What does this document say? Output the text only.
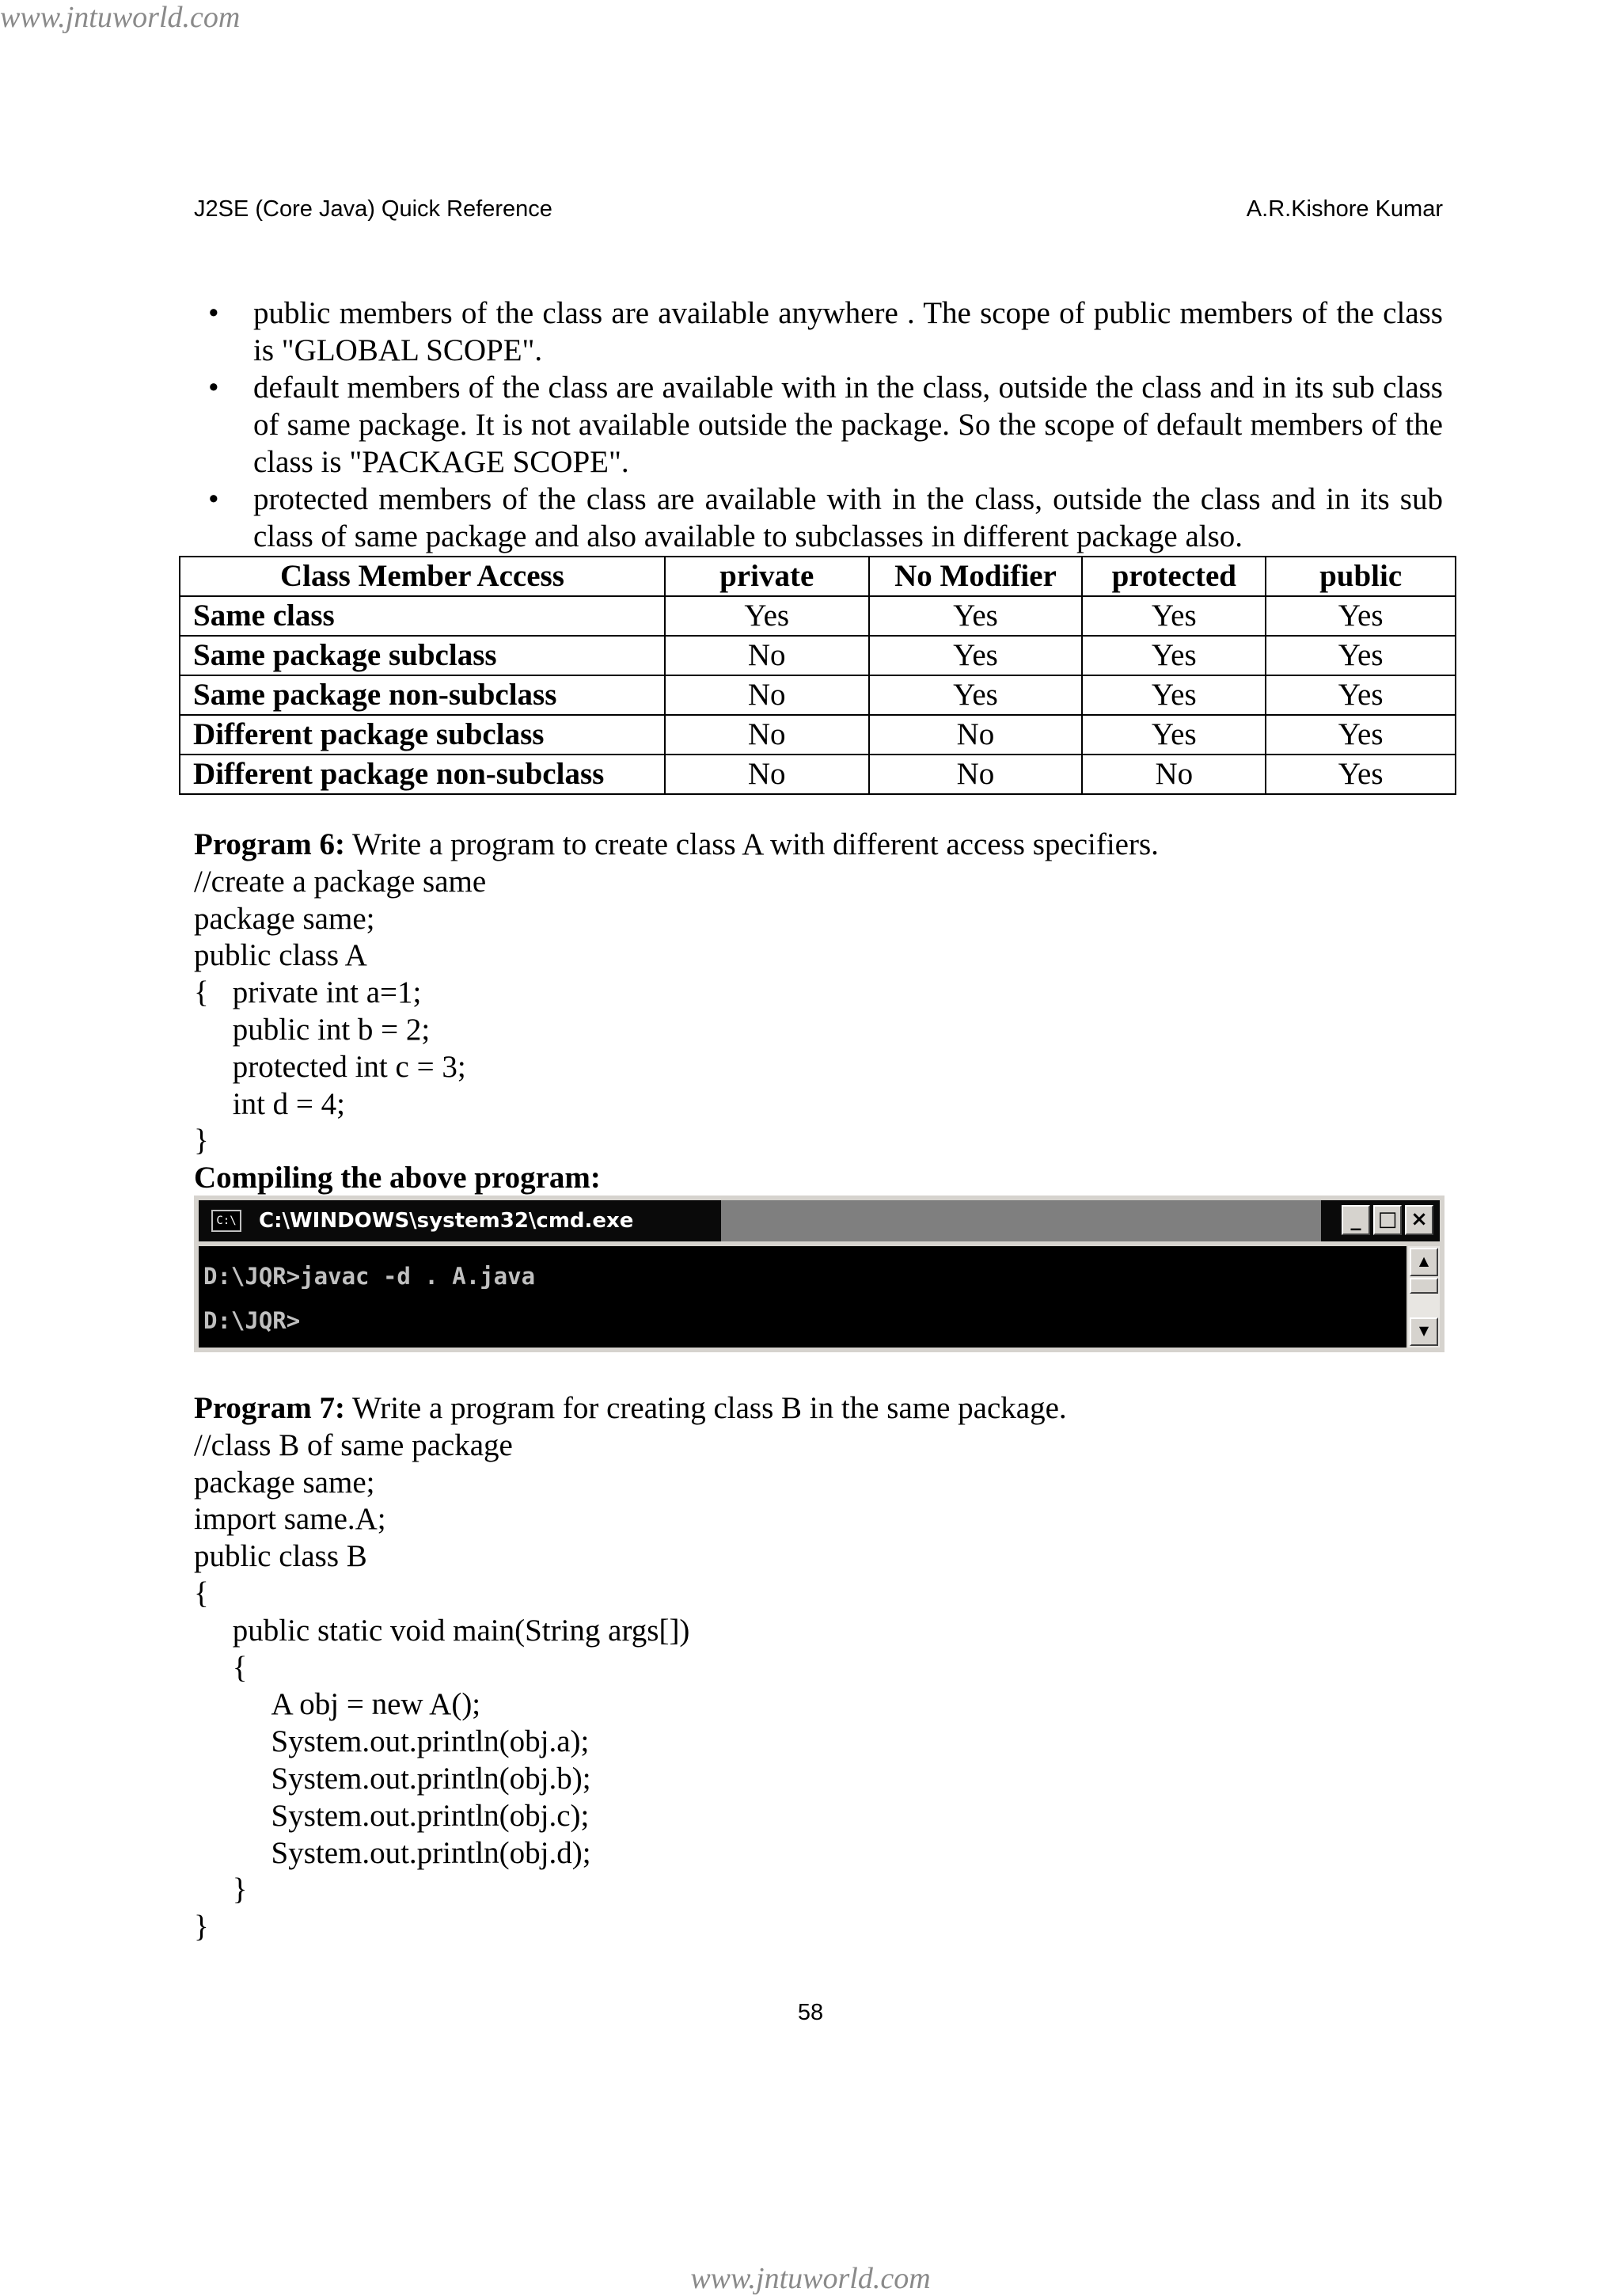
www.jntuworld.com
J2SE (Core Java) Quick Reference	A.R.Kishore Kumar
• public members of the class are available anywhere . The scope of public members of the class is "GLOBAL SCOPE".
• default members of the class are available with in the class, outside the class and in its sub class of same package. It is not available outside the package. So the scope of default members of the class is "PACKAGE SCOPE".
• protected members of the class are available with in the class, outside the class and in its sub class of same package and also available to subclasses in different package also.
Class Member Access	private	No Modifier	protected	public
Same class	Yes	Yes	Yes	Yes
Same package subclass	No	Yes	Yes	Yes
Same package non-subclass	No	Yes	Yes	Yes
Different package subclass	No	No	Yes	Yes
Different package non-subclass	No	No	No	Yes
Program 6: Write a program to create class A with different access specifiers.
//create a package same
package same;
public class A
{	private int a=1;
	public int b = 2;
	protected int c = 3;
	int d = 4;
}
Compiling the above program:
C:\ C:\WINDOWS\system32\cmd.exe	_ □ ×
D:\JQR>javac -d . A.java
D:\JQR>
▲
▼
Program 7: Write a program for creating class B in the same package.
//class B of same package
package same;
import same.A;
public class B
{
	public static void main(String args[])
	{
		A obj = new A();
		System.out.println(obj.a);
		System.out.println(obj.b);
		System.out.println(obj.c);
		System.out.println(obj.d);
	}
}
58
www.jntuworld.com
